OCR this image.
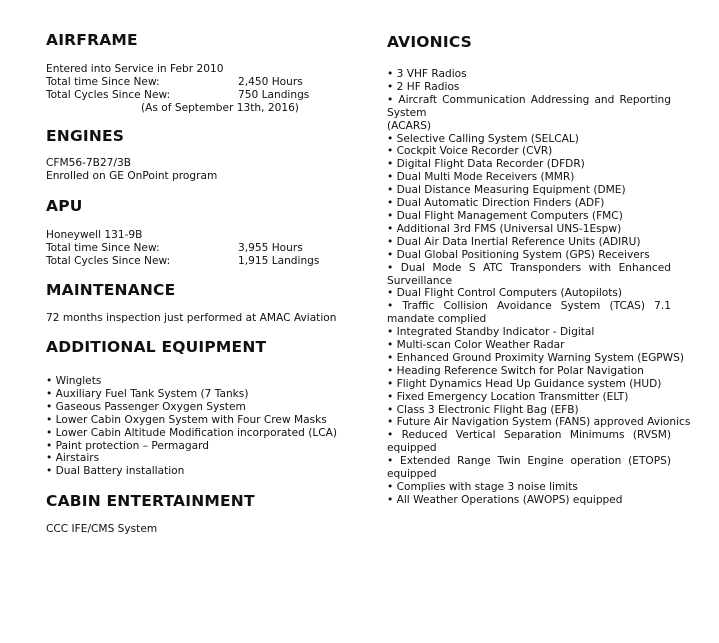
AIRFRAME

Entered into Service in Febr 2010

Total time Since New:	2,450 Hours
Total Cycles Since New:	750 Landings

(As of September 13th, 2016)

ENGINES

CFM56-7B27/3B

Enrolled on GE OnPoint program

APU

Honeywell 131-9B

Total time Since New:	3,955 Hours
Total Cycles Since New:	1,915 Landings
MAINTENANCE

72 months inspection just performed at AMAC Aviation

ADDITIONAL EQUIPMENT
• Winglets
• Auxiliary Fuel Tank System (7 Tanks)
• Gaseous Passenger Oxygen System
• Lower Cabin Oxygen System with Four Crew Masks
• Lower Cabin Altitude Modification incorporated (LCA)
• Paint protection – Permagard
• Airstairs
• Dual Battery installation
CABIN ENTERTAINMENT

CCC IFE/CMS System

AVIONICS
• 3 VHF Radios
• 2 HF Radios
• Aircraft Communication Addressing and Reporting System
(ACARS)
• Selective Calling System (SELCAL)
• Cockpit Voice Recorder (CVR)
• Digital Flight Data Recorder (DFDR)
• Dual Multi Mode Receivers (MMR)
• Dual Distance Measuring Equipment (DME)
• Dual Automatic Direction Finders (ADF)
• Dual Flight Management Computers (FMC)
• Additional 3rd FMS (Universal UNS-1Espw)
• Dual Air Data Inertial Reference Units (ADIRU)
• Dual Global Positioning System (GPS) Receivers
• Dual Mode S ATC Transponders with Enhanced Surveillance
• Dual Flight Control Computers (Autopilots)
• Traffic Collision Avoidance System (TCAS) 7.1 mandate complied
• Integrated Standby Indicator - Digital
• Multi-scan Color Weather Radar
• Enhanced Ground Proximity Warning System (EGPWS)
• Heading Reference Switch for Polar Navigation
• Flight Dynamics Head Up Guidance system (HUD)
• Fixed Emergency Location Transmitter (ELT)
• Class 3 Electronic Flight Bag (EFB)
• Future Air Navigation System (FANS) approved Avionics
• Reduced Vertical Separation Minimums (RVSM) equipped
• Extended Range Twin Engine operation (ETOPS) equipped
• Complies with stage 3 noise limits
• All Weather Operations (AWOPS) equipped
